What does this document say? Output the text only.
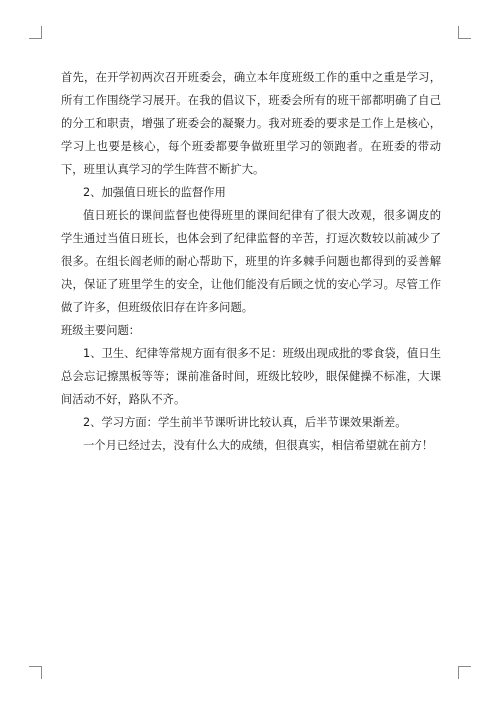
首先，在开学初两次召开班委会，确立本年度班级工作的重中之重是学习，所有工作围绕学习展开。在我的倡议下，班委会所有的班干部都明确了自己的分工和职责，增强了班委会的凝聚力。我对班委的要求是工作上是核心，学习上也要是核心，每个班委都要争做班里学习的领跑者。在班委的带动下，班里认真学习的学生阵营不断扩大。

2、加强值日班长的监督作用

值日班长的课间监督也使得班里的课间纪律有了很大改观，很多调皮的学生通过当值日班长，也体会到了纪律监督的辛苦，打逗次数较以前减少了很多。在组长阎老师的耐心帮助下，班里的许多棘手问题也都得到的妥善解决，保证了班里学生的安全，让他们能没有后顾之忧的安心学习。尽管工作做了许多，但班级依旧存在许多问题。

班级主要问题：

1、卫生、纪律等常规方面有很多不足：班级出现成批的零食袋，值日生总会忘记擦黑板等等；课前准备时间，班级比较吵，眼保健操不标准，大课间活动不好，路队不齐。

2、学习方面：学生前半节课听讲比较认真，后半节课效果渐差。

一个月已经过去，没有什么大的成绩，但很真实，相信希望就在前方！
